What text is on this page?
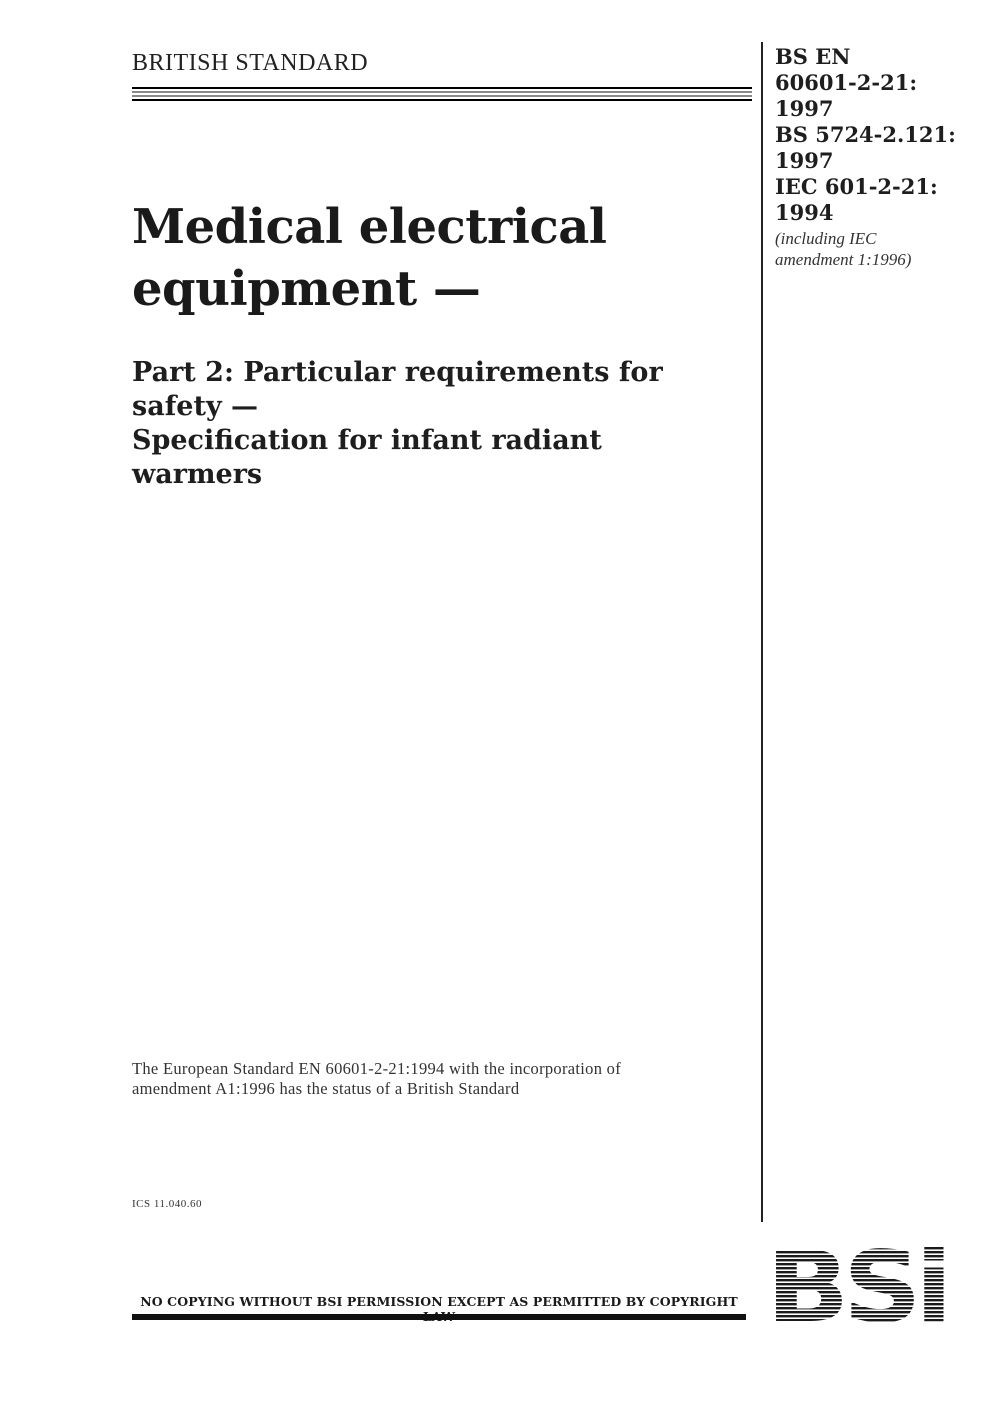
BRITISH STANDARD	BS EN
60601-2-21:
1997
BS 5724-2.121:
1997
IEC 601-2-21:
1994
(including IEC
amendment 1:1996)
Medical electrical
equipment —
Part 2: Particular requirements for
safety —
Specification for infant radiant
warmers
The European Standard EN 60601-2-21:1994 with the incorporation of
amendment A1:1996 has the status of a British Standard
ICS 11.040.60
NO COPYING WITHOUT BSI PERMISSION EXCEPT AS PERMITTED BY COPYRIGHT
